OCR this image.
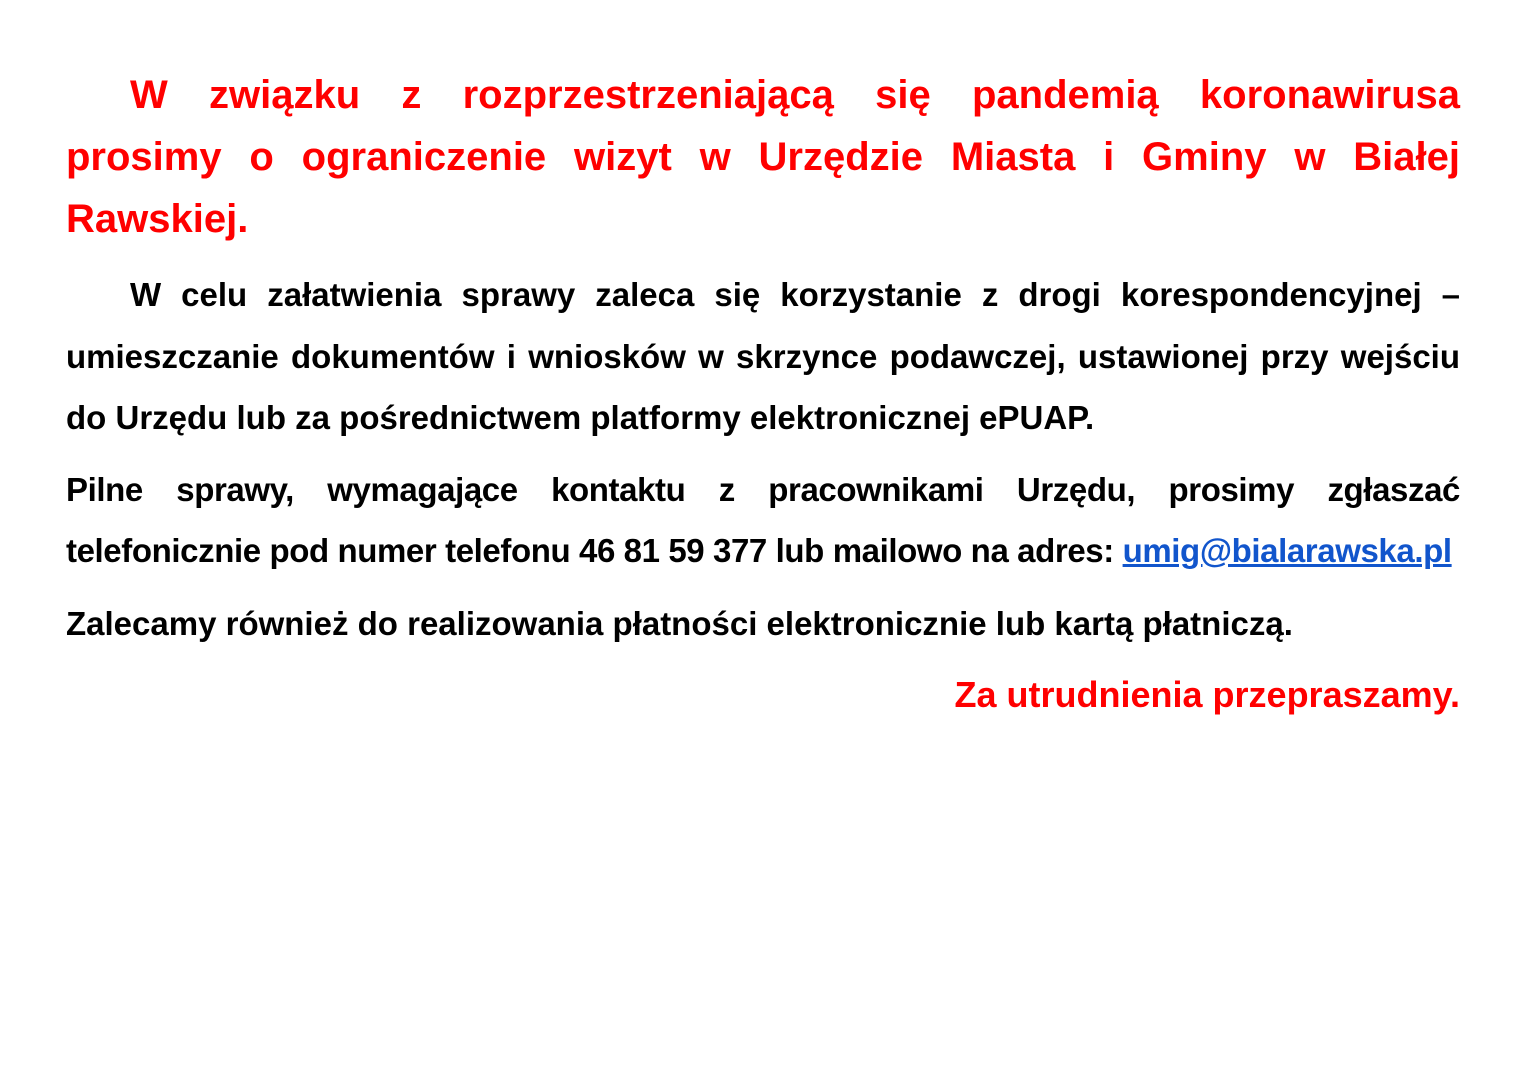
W związku z rozprzestrzeniającą się pandemią koronawirusa prosimy o ograniczenie wizyt w Urzędzie Miasta i Gminy w Białej Rawskiej.

W celu załatwienia sprawy zaleca się korzystanie z drogi korespondencyjnej – umieszczanie dokumentów i wniosków w skrzynce podawczej, ustawionej przy wejściu do Urzędu lub za pośrednictwem platformy elektronicznej ePUAP.

Pilne sprawy, wymagające kontaktu z pracownikami Urzędu, prosimy zgłaszać telefonicznie pod numer telefonu 46 81 59 377 lub mailowo na adres: umig@bialarawska.pl

Zalecamy również do realizowania płatności elektronicznie lub kartą płatniczą.

Za utrudnienia przepraszamy.
